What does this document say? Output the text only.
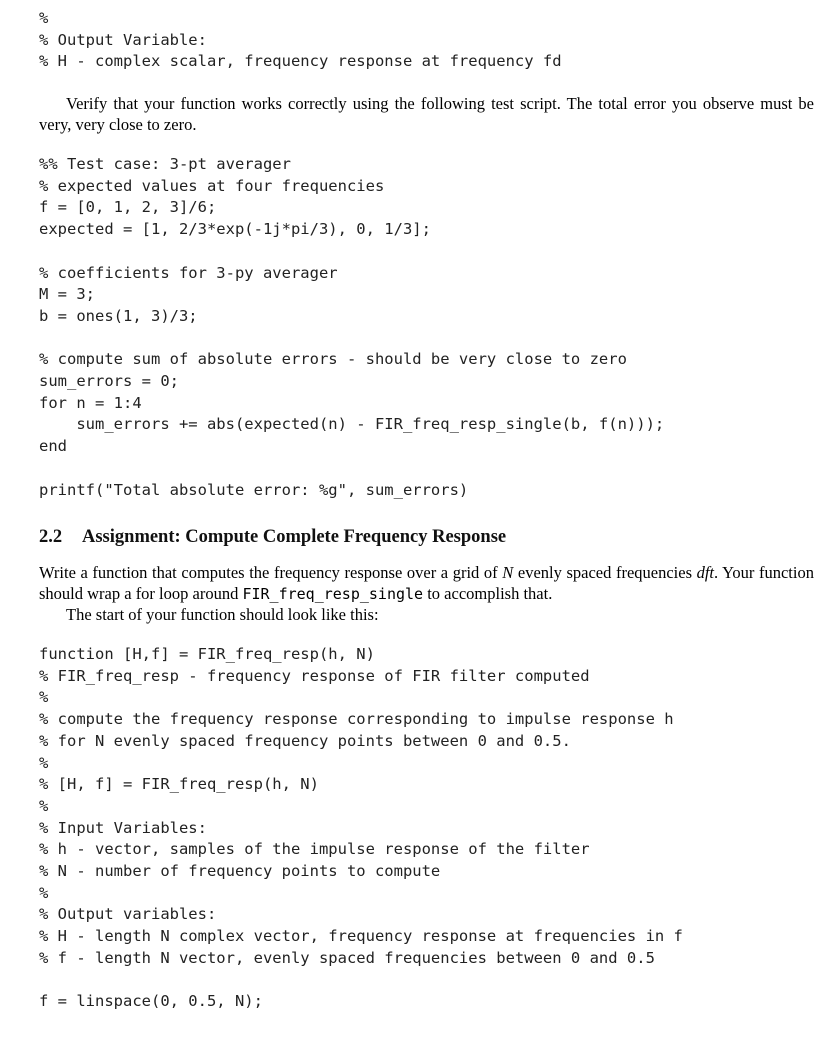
%
% Output Variable:
% H - complex scalar, frequency response at frequency fd

Verify that your function works correctly using the following test script. The total error you observe must be very, very close to zero.

%% Test case: 3-pt averager
% expected values at four frequencies
f = [0, 1, 2, 3]/6;
expected = [1, 2/3*exp(-1j*pi/3), 0, 1/3];

% coefficients for 3-py averager
M = 3;
b = ones(1, 3)/3;

% compute sum of absolute errors - should be very close to zero
sum_errors = 0;
for n = 1:4
sum_errors += abs(expected(n) - FIR_freq_resp_single(b, f(n)));
end

printf("Total absolute error: %g", sum_errors)
2.2 Assignment: Compute Complete Frequency Response

Write a function that computes the frequency response over a grid of N evenly spaced frequencies dft. Your function should wrap a for loop around FIR_freq_resp_single to accomplish that.

The start of your function should look like this:

function [H,f] = FIR_freq_resp(h, N)
% FIR_freq_resp - frequency response of FIR filter computed
%
% compute the frequency response corresponding to impulse response h
% for N evenly spaced frequency points between 0 and 0.5.
%
% [H, f] = FIR_freq_resp(h, N)
%
% Input Variables:
% h - vector, samples of the impulse response of the filter
% N - number of frequency points to compute
%
% Output variables:
% H - length N complex vector, frequency response at frequencies in f
% f - length N vector, evenly spaced frequencies between 0 and 0.5

f = linspace(0, 0.5, N);
